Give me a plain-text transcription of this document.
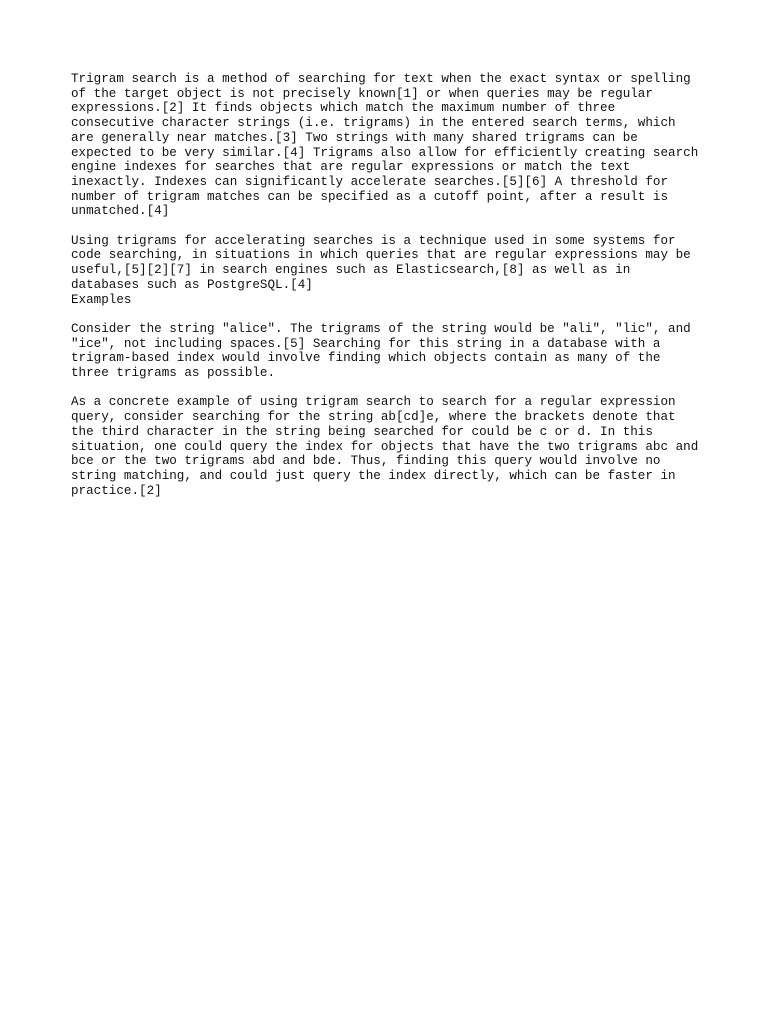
Trigram search is a method of searching for text when the exact syntax or spelling
of the target object is not precisely known[1] or when queries may be regular
expressions.[2] It finds objects which match the maximum number of three
consecutive character strings (i.e. trigrams) in the entered search terms, which
are generally near matches.[3] Two strings with many shared trigrams can be
expected to be very similar.[4] Trigrams also allow for efficiently creating search
engine indexes for searches that are regular expressions or match the text
inexactly. Indexes can significantly accelerate searches.[5][6] A threshold for
number of trigram matches can be specified as a cutoff point, after a result is
unmatched.[4]

Using trigrams for accelerating searches is a technique used in some systems for
code searching, in situations in which queries that are regular expressions may be
useful,[5][2][7] in search engines such as Elasticsearch,[8] as well as in
databases such as PostgreSQL.[4]

Examples

Consider the string "alice". The trigrams of the string would be "ali", "lic", and
"ice", not including spaces.[5] Searching for this string in a database with a
trigram-based index would involve finding which objects contain as many of the
three trigrams as possible.

As a concrete example of using trigram search to search for a regular expression
query, consider searching for the string ab[cd]e, where the brackets denote that
the third character in the string being searched for could be c or d. In this
situation, one could query the index for objects that have the two trigrams abc and
bce or the two trigrams abd and bde. Thus, finding this query would involve no
string matching, and could just query the index directly, which can be faster in
practice.[2]
